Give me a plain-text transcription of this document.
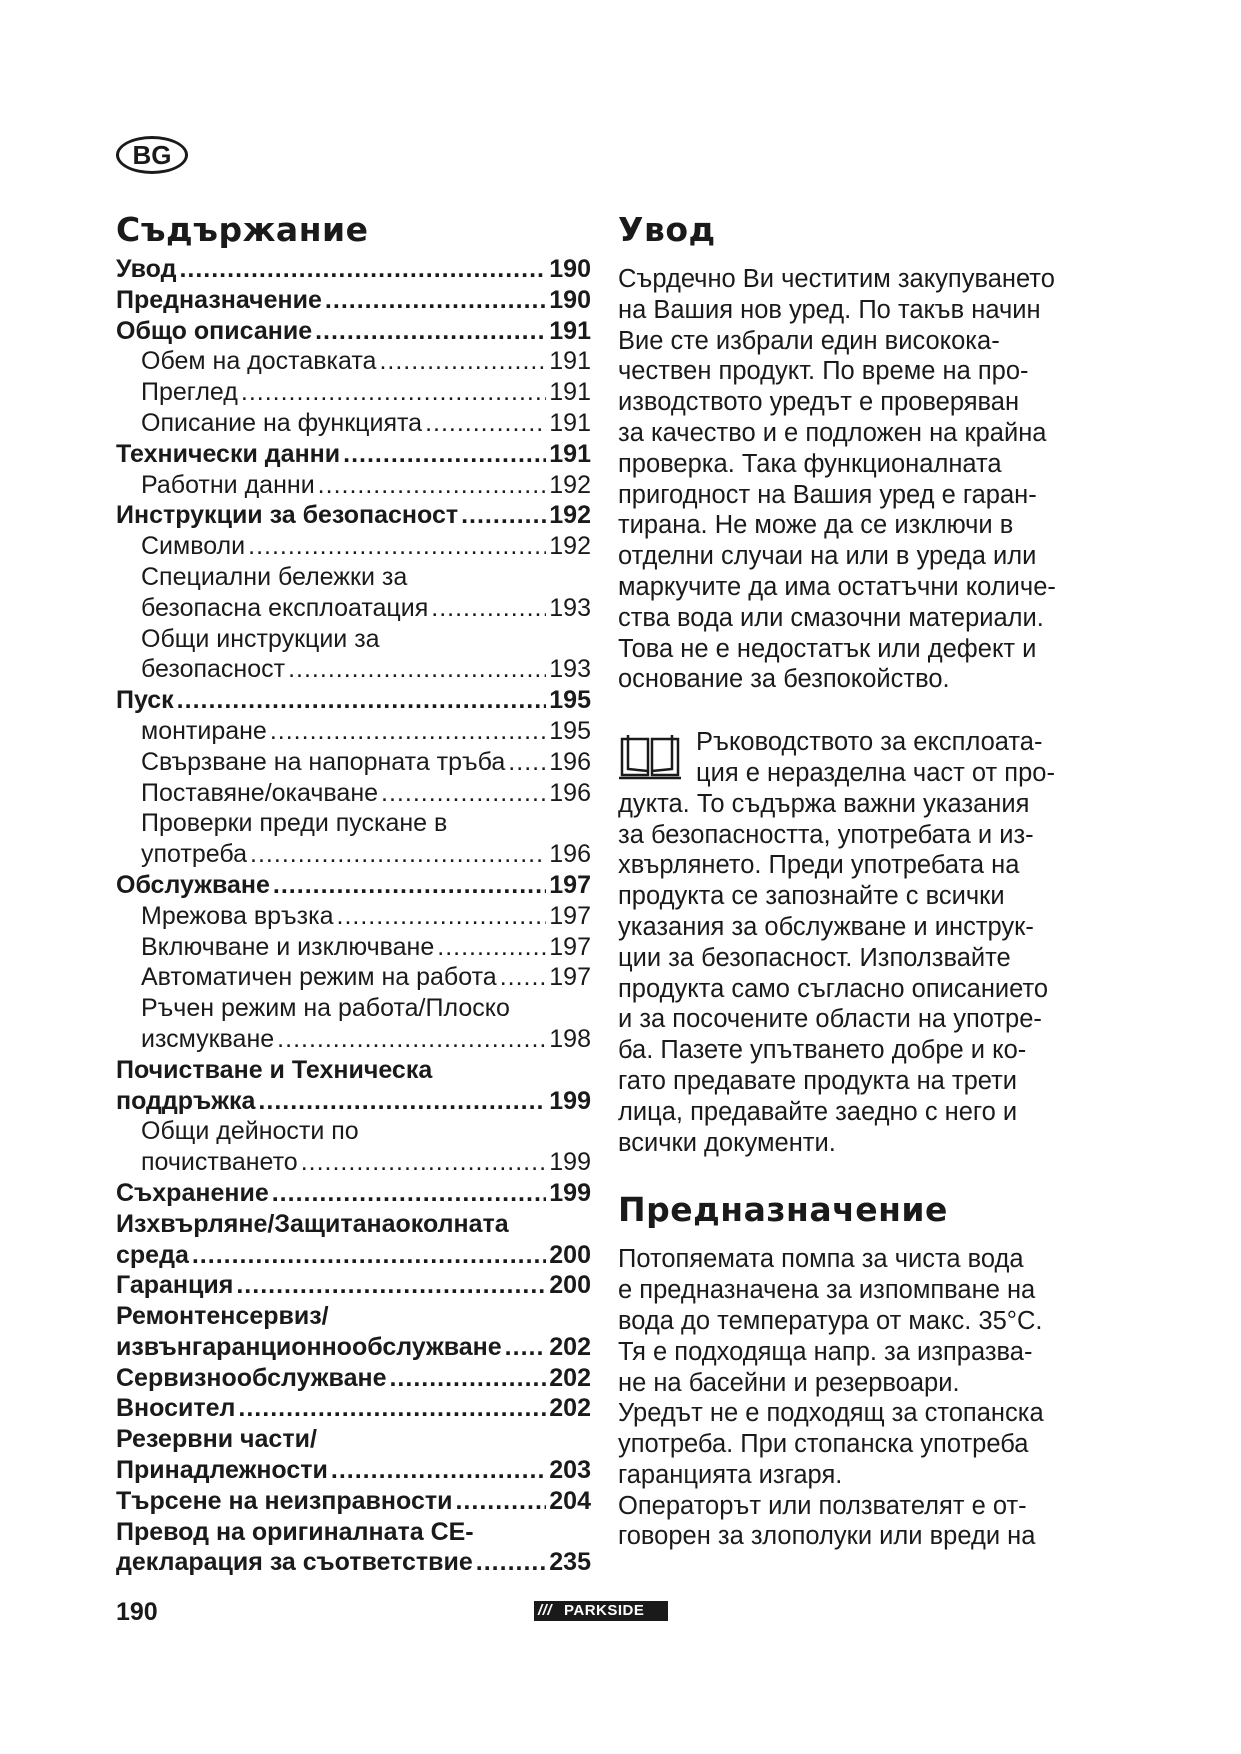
BG
Съдържание
Увод .....	190
Предназначение .....	190
Общо описание .....	191
Обем на доставката .....	191
Преглед .....	191
Описание на функцията .....	191
Технически данни .....	191
Работни данни .....	192
Инструкции за безопасност .....	192
Символи .....	192
Специални бележки за
безопасна експлоатация .....	193
Общи инструкции за
безопасност .....	193
Пуск .....	195
монтиране .....	195
Свързване на напорната тръба ..... 196
Поставяне/окачване .....	196
Проверки преди пускане в
употреба .....	196
Обслужване .....	197
Мрежова връзка .....	197
Включване и изключване .....	197
Автоматичен режим на работа ..... 197
Ръчен режим на работа/Плоско
изсмукване .....	198
Почистване и Техническа
поддръжка .....	199
Общи дейности по
почистването .....	199
Съхранение .....	199
Изхвърляне/Защитанаоколната
среда .....	200
Гаранция .....	200
Ремонтенсервиз/
извънгаранционнообслужване ..... 202
Сервизнообслужване .....	202
Вносител .....	202
Резервни части/
Принадлежности .....	203
Търсене на неизправности .....	204
Превод на оригиналната CE-
декларация за съответствие .....	235
Увод
Сърдечно Ви честитим закупуването
на Вашия нов уред. По такъв начин
Вие сте избрали един високока-
чествен продукт. По време на про-
изводството уредът е проверяван
за качество и е подложен на крайна
проверка. Така функционалната
пригодност на Вашия уред е гаран-
тирана. Не може да се изключи в
отделни случаи на или в уреда или
маркучите да има остатъчни количе-
ства вода или смазочни материали.
Това не е недостатък или дефект и
основание за безпокойство.
Ръководството за експлоата-
ция е неразделна част от про-
дукта. То съдържа важни указания
за безопасността, употребата и из-
хвърлянето. Преди употребата на
продукта се запознайте с всички
указания за обслужване и инструк-
ции за безопасност. Използвайте
продукта само съгласно описанието
и за посочените области на употре-
ба. Пазете упътването добре и ко-
гато предавате продукта на трети
лица, предавайте заедно с него и
всички документи.
Предназначение
Потопяемата помпа за чиста вода
е предназначена за изпомпване на
вода до температура от макс. 35°C.
Тя е подходяща напр. за изпразва-
не на басейни и резервоари.
Уредът не е подходящ за стопанска
употреба. При стопанска употреба
гаранцията изгаря.
Операторът или ползвателят е от-
говорен за злополуки или вреди на
190	/// PARKSIDE
